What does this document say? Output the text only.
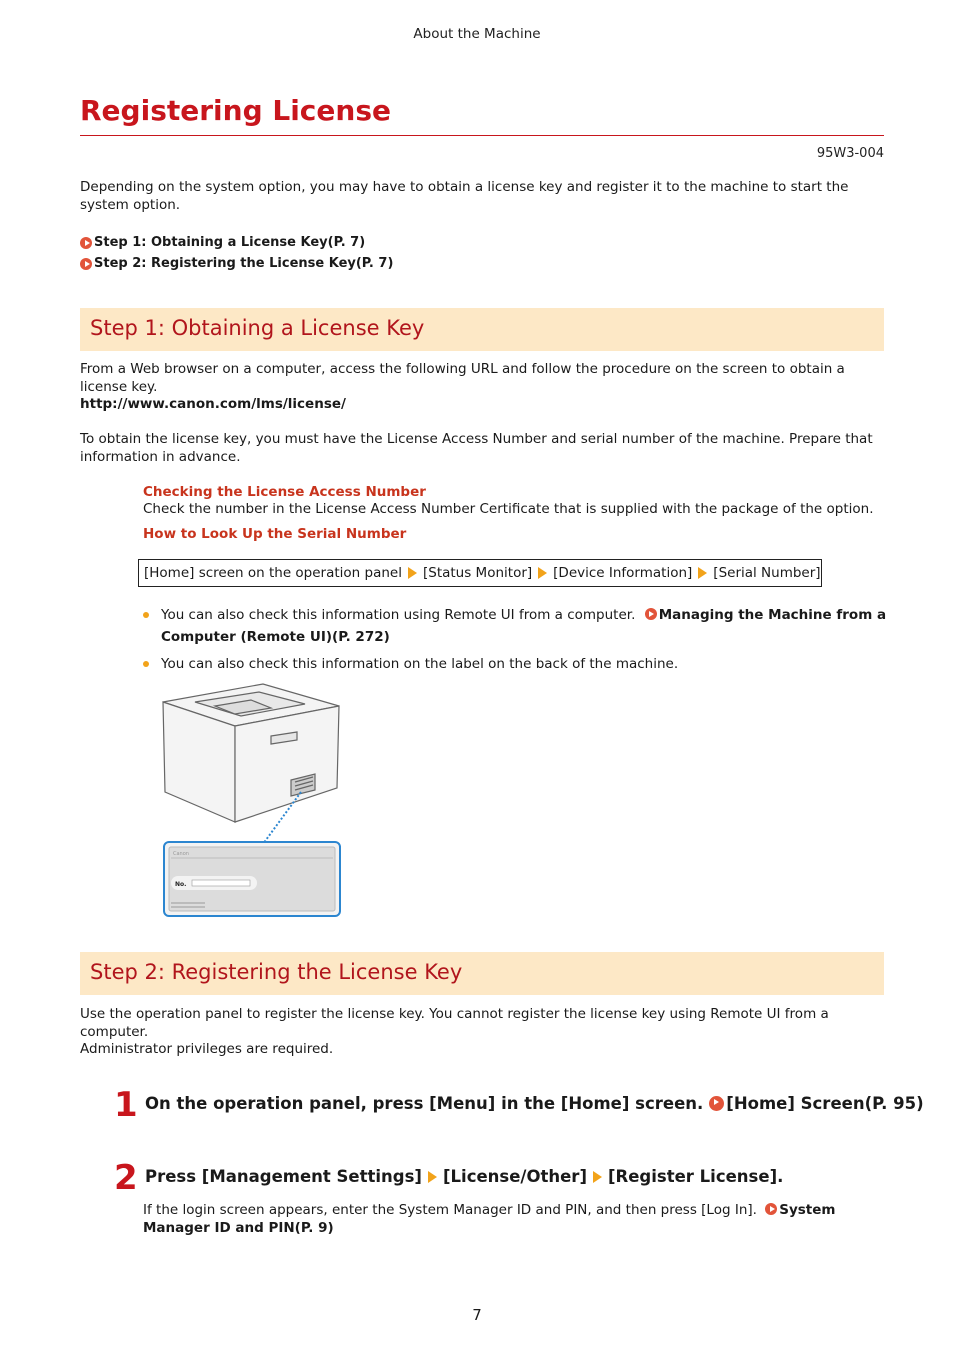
About the Machine
Registering License
95W3-004
Depending on the system option, you may have to obtain a license key and register it to the machine to start the system option.
Step 1: Obtaining a License Key(P. 7)
Step 2: Registering the License Key(P. 7)
Step 1: Obtaining a License Key
From a Web browser on a computer, access the following URL and follow the procedure on the screen to obtain a license key.
http://www.canon.com/lms/license/
To obtain the license key, you must have the License Access Number and serial number of the machine. Prepare that information in advance.
Checking the License Access Number
Check the number in the License Access Number Certificate that is supplied with the package of the option.
How to Look Up the Serial Number
[Home] screen on the operation panel [Status Monitor] [Device Information] [Serial Number]
You can also check this information using Remote UI from a computer. Managing the Machine from a Computer (Remote UI)(P. 272)
You can also check this information on the label on the back of the machine.
Canon
No.
Step 2: Registering the License Key
Use the operation panel to register the license key. You cannot register the license key using Remote UI from a computer.
Administrator privileges are required.
1 On the operation panel, press [Menu] in the [Home] screen. [Home] Screen(P. 95)
2 Press [Management Settings] [License/Other] [Register License].
If the login screen appears, enter the System Manager ID and PIN, and then press [Log In]. System Manager ID and PIN(P. 9)
7
